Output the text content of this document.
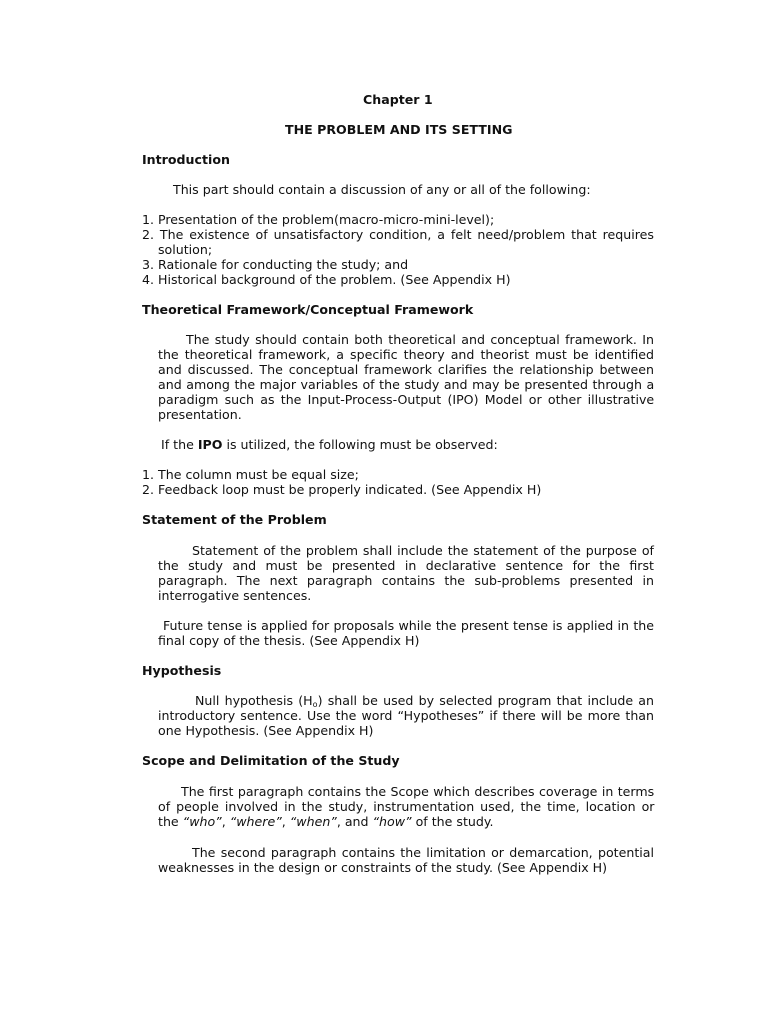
Chapter 1
THE PROBLEM AND ITS SETTING
Introduction
This part should contain a discussion of any or all of the following:
1. Presentation of the problem(macro-micro-mini-level);
2. The existence of unsatisfactory condition, a felt need/problem that requires
solution;
3. Rationale for conducting the study; and
4. Historical background of the problem. (See Appendix H)
Theoretical Framework/Conceptual Framework
The study should contain both theoretical and conceptual framework. In
the theoretical framework, a specific theory and theorist must be identified
and discussed. The conceptual framework clarifies the relationship between
and among the major variables of the study and may be presented through a
paradigm such as the Input-Process-Output (IPO) Model or other illustrative
presentation.
If the IPO is utilized, the following must be observed:
1. The column must be equal size;
2. Feedback loop must be properly indicated. (See Appendix H)
Statement of the Problem
Statement of the problem shall include the statement of the purpose of
the study and must be presented in declarative sentence for the first
paragraph. The next paragraph contains the sub-problems presented in
interrogative sentences.
Future tense is applied for proposals while the present tense is applied in the
final copy of the thesis. (See Appendix H)
Hypothesis
Null hypothesis $(H_o)$ shall be used by selected program that include an
introductory sentence. Use the word “Hypotheses” if there will be more than
one Hypothesis. (See Appendix H)
Scope and Delimitation of the Study
The first paragraph contains the Scope which describes coverage in terms
of people involved in the study, instrumentation used, the time, location or
the “who”, “where”, “when”, and “how” of the study.
The second paragraph contains the limitation or demarcation, potential
weaknesses in the design or constraints of the study. (See Appendix H)
